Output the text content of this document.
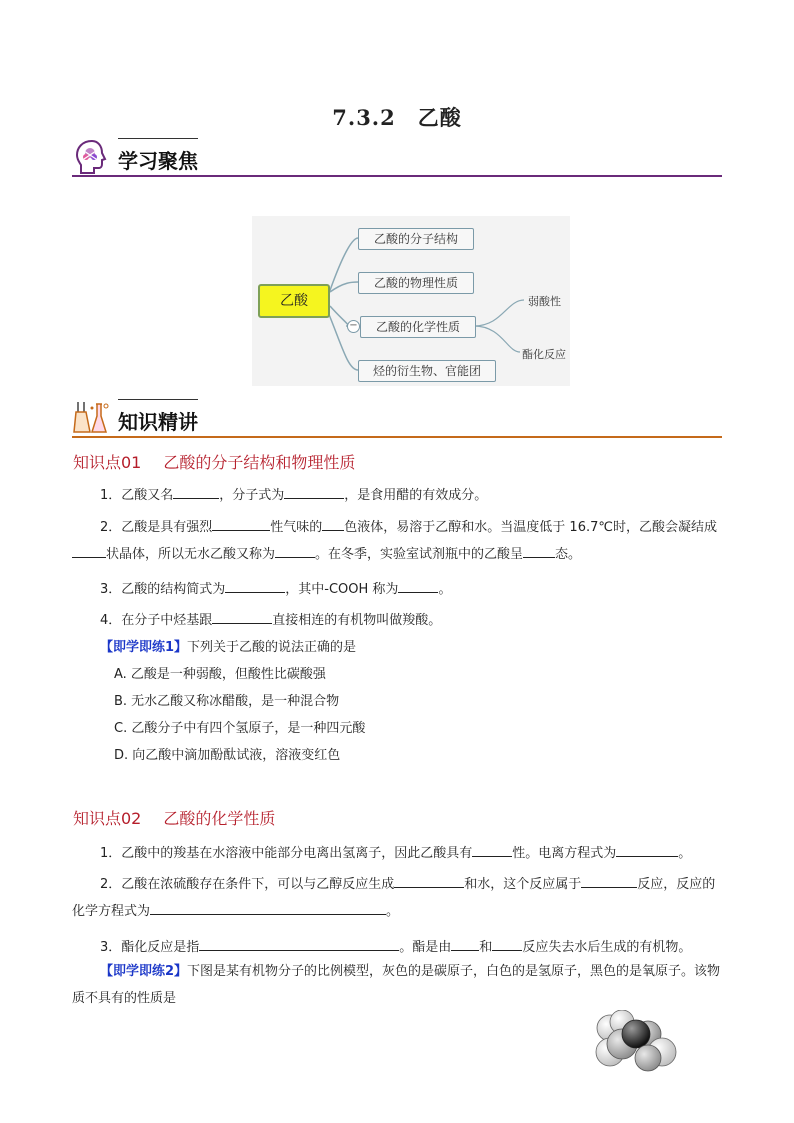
7.3.2　乙酸
学习聚焦
乙酸
乙酸的分子结构
乙酸的物理性质
−	乙酸的化学性质
烃的衍生物、官能团
弱酸性
酯化反应
知识精讲
知识点01 乙酸的分子结构和物理性质
1．乙酸又名	，分子式为	，是食用醋的有效成分。
2．乙酸是具有强烈	性气味的 色液体，易溶于乙醇和水。当温度低于 16.7℃时，乙酸会凝结成状晶体，所以无水乙酸又称为	。在冬季，实验室试剂瓶中的乙酸呈 态。
3．乙酸的结构简式为	，其中-COOH 称为	。
4．在分子中烃基跟	直接相连的有机物叫做羧酸。
【即学即练1】下列关于乙酸的说法正确的是
A. 乙酸是一种弱酸，但酸性比碳酸强
B. 无水乙酸又称冰醋酸，是一种混合物
C. 乙酸分子中有四个氢原子，是一种四元酸
D. 向乙酸中滴加酚酞试液，溶液变红色
知识点02 乙酸的化学性质
1．乙酸中的羧基在水溶液中能部分电离出氢离子，因此乙酸具有	性。电离方程式为	。
2．乙酸在浓硫酸存在条件下，可以与乙醇反应生成	和水，这个反应属于	反应，反应的化学方程式为	。
3．酯化反应是指	。酯是由 和 反应失去水后生成的有机物。
【即学即练2】下图是某有机物分子的比例模型，灰色的是碳原子，白色的是氢原子，黑色的是氧原子。该物质不具有的性质是
